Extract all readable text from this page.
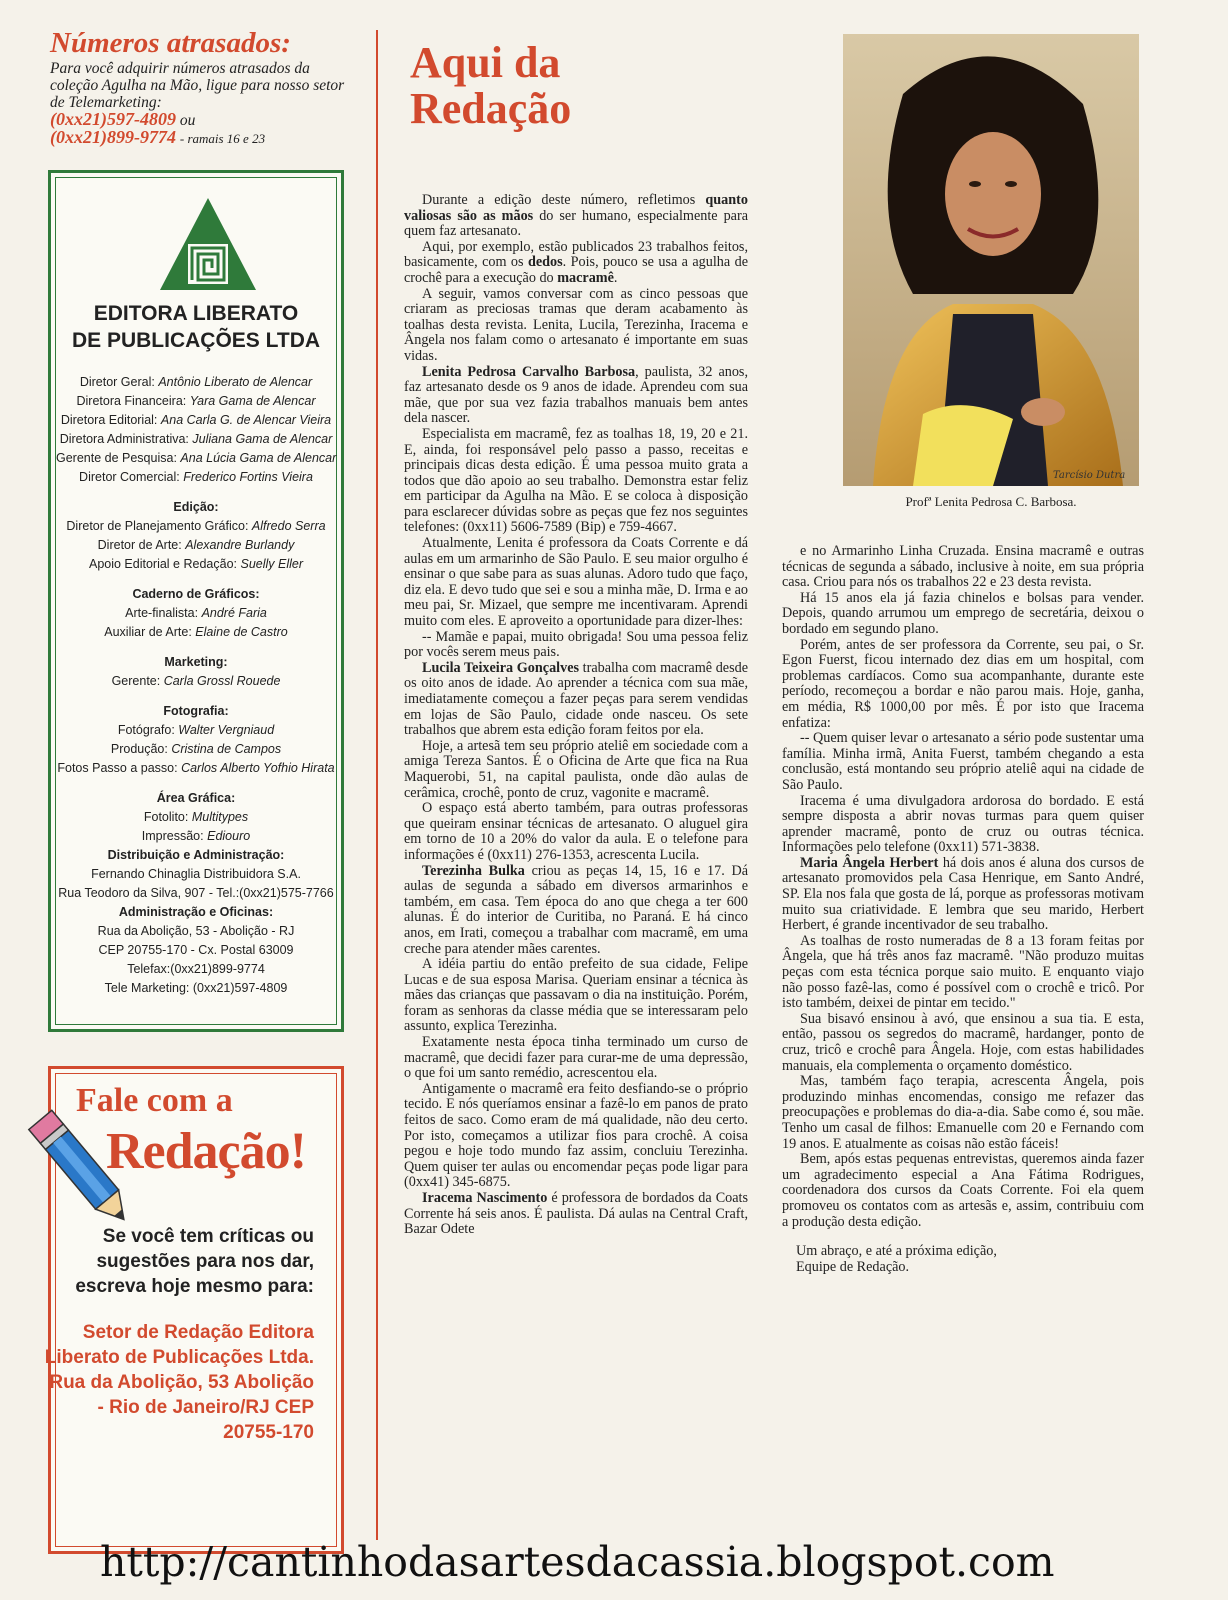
Números atrasados:

Para você adquirir números atrasados da coleção Agulha na Mão, ligue para nosso setor de Telemarketing:
(0xx21)597-4809 ou
(0xx21)899-9774 - ramais 16 e 23

EDITORA LIBERATO
DE PUBLICAÇÕES LTDA
Diretor Geral: Antônio Liberato de Alencar
Diretora Financeira: Yara Gama de Alencar
Diretora Editorial: Ana Carla G. de Alencar Vieira
Diretora Administrativa: Juliana Gama de Alencar
Gerente de Pesquisa: Ana Lúcia Gama de Alencar
Diretor Comercial: Frederico Fortins Vieira
Edição:
Diretor de Planejamento Gráfico: Alfredo Serra
Diretor de Arte: Alexandre Burlandy
Apoio Editorial e Redação: Suelly Eller
Caderno de Gráficos:
Arte-finalista: André Faria
Auxiliar de Arte: Elaine de Castro
Marketing:
Gerente: Carla Grossl Rouede
Fotografia:
Fotógrafo: Walter Vergniaud
Produção: Cristina de Campos
Fotos Passo a passo: Carlos Alberto Yofhio Hirata
Área Gráfica:
Fotolito: Multitypes
Impressão: Ediouro
Distribuição e Administração:
Fernando Chinaglia Distribuidora S.A.
Rua Teodoro da Silva, 907 - Tel.:(0xx21)575-7766
Administração e Oficinas:
Rua da Abolição, 53 - Abolição - RJ
CEP 20755-170 - Cx. Postal 63009
Telefax:(0xx21)899-9774
Tele Marketing: (0xx21)597-4809
Fale com a
Redação!
Se você tem críticas ou sugestões para nos dar, escreva hoje mesmo para:
Setor de Redação Editora Liberato de Publicações Ltda. Rua da Abolição, 53 Abolição - Rio de Janeiro/RJ CEP 20755-170
Aqui da
Redação
Tarcísio Dutra
Profª Lenita Pedrosa C. Barbosa.

Durante a edição deste número, refletimos quanto valiosas são as mãos do ser humano, especialmente para quem faz artesanato.

Aqui, por exemplo, estão publicados 23 trabalhos feitos, basicamente, com os dedos. Pois, pouco se usa a agulha de crochê para a execução do macramê.

A seguir, vamos conversar com as cinco pessoas que criaram as preciosas tramas que deram acabamento às toalhas desta revista. Lenita, Lucila, Terezinha, Iracema e Ângela nos falam como o artesanato é importante em suas vidas.

Lenita Pedrosa Carvalho Barbosa, paulista, 32 anos, faz artesanato desde os 9 anos de idade. Aprendeu com sua mãe, que por sua vez fazia trabalhos manuais bem antes dela nascer.

Especialista em macramê, fez as toalhas 18, 19, 20 e 21. E, ainda, foi responsável pelo passo a passo, receitas e principais dicas desta edição. É uma pessoa muito grata a todos que dão apoio ao seu trabalho. Demonstra estar feliz em participar da Agulha na Mão. E se coloca à disposição para esclarecer dúvidas sobre as peças que fez nos seguintes telefones: (0xx11) 5606-7589 (Bip) e 759-4667.

Atualmente, Lenita é professora da Coats Corrente e dá aulas em um armarinho de São Paulo. E seu maior orgulho é ensinar o que sabe para as suas alunas. Adoro tudo que faço, diz ela. E devo tudo que sei e sou a minha mãe, D. Irma e ao meu pai, Sr. Mizael, que sempre me incentivaram. Aprendi muito com eles. E aproveito a oportunidade para dizer-lhes:

-- Mamãe e papai, muito obrigada! Sou uma pessoa feliz por vocês serem meus pais.

Lucila Teixeira Gonçalves trabalha com macramê desde os oito anos de idade. Ao aprender a técnica com sua mãe, imediatamente começou a fazer peças para serem vendidas em lojas de São Paulo, cidade onde nasceu. Os sete trabalhos que abrem esta edição foram feitos por ela.

Hoje, a artesã tem seu próprio ateliê em sociedade com a amiga Tereza Santos. É o Oficina de Arte que fica na Rua Maquerobi, 51, na capital paulista, onde dão aulas de cerâmica, crochê, ponto de cruz, vagonite e macramê.

O espaço está aberto também, para outras professoras que queiram ensinar técnicas de artesanato. O aluguel gira em torno de 10 a 20% do valor da aula. E o telefone para informações é (0xx11) 276-1353, acrescenta Lucila.

Terezinha Bulka criou as peças 14, 15, 16 e 17. Dá aulas de segunda a sábado em diversos armarinhos e também, em casa. Tem época do ano que chega a ter 600 alunas. É do interior de Curitiba, no Paraná. E há cinco anos, em Irati, começou a trabalhar com macramê, em uma creche para atender mães carentes.

A idéia partiu do então prefeito de sua cidade, Felipe Lucas e de sua esposa Marisa. Queriam ensinar a técnica às mães das crianças que passavam o dia na instituição. Porém, foram as senhoras da classe média que se interessaram pelo assunto, explica Terezinha.

Exatamente nesta época tinha terminado um curso de macramê, que decidi fazer para curar-me de uma depressão, o que foi um santo remédio, acrescentou ela.

Antigamente o macramê era feito desfiando-se o próprio tecido. E nós queríamos ensinar a fazê-lo em panos de prato feitos de saco. Como eram de má qualidade, não deu certo. Por isto, começamos a utilizar fios para crochê. A coisa pegou e hoje todo mundo faz assim, concluiu Terezinha. Quem quiser ter aulas ou encomendar peças pode ligar para (0xx41) 345-6875.

Iracema Nascimento é professora de bordados da Coats Corrente há seis anos. É paulista. Dá aulas na Central Craft, Bazar Odete

e no Armarinho Linha Cruzada. Ensina macramê e outras técnicas de segunda a sábado, inclusive à noite, em sua própria casa. Criou para nós os trabalhos 22 e 23 desta revista.

Há 15 anos ela já fazia chinelos e bolsas para vender. Depois, quando arrumou um emprego de secretária, deixou o bordado em segundo plano.

Porém, antes de ser professora da Corrente, seu pai, o Sr. Egon Fuerst, ficou internado dez dias em um hospital, com problemas cardíacos. Como sua acompanhante, durante este período, recomeçou a bordar e não parou mais. Hoje, ganha, em média, R$ 1000,00 por mês. É por isto que Iracema enfatiza:

-- Quem quiser levar o artesanato a sério pode sustentar uma família. Minha irmã, Anita Fuerst, também chegando a esta conclusão, está montando seu próprio ateliê aqui na cidade de São Paulo.

Iracema é uma divulgadora ardorosa do bordado. E está sempre disposta a abrir novas turmas para quem quiser aprender macramê, ponto de cruz ou outras técnica. Informações pelo telefone (0xx11) 571-3838.

Maria Ângela Herbert há dois anos é aluna dos cursos de artesanato promovidos pela Casa Henrique, em Santo André, SP. Ela nos fala que gosta de lá, porque as professoras motivam muito sua criatividade. E lembra que seu marido, Herbert Herbert, é grande incentivador de seu trabalho.

As toalhas de rosto numeradas de 8 a 13 foram feitas por Ângela, que há três anos faz macramê. "Não produzo muitas peças com esta técnica porque saio muito. E enquanto viajo não posso fazê-las, como é possível com o crochê e tricô. Por isto também, deixei de pintar em tecido."

Sua bisavó ensinou à avó, que ensinou a sua tia. E esta, então, passou os segredos do macramê, hardanger, ponto de cruz, tricô e crochê para Ângela. Hoje, com estas habilidades manuais, ela complementa o orçamento doméstico.

Mas, também faço terapia, acrescenta Ângela, pois produzindo minhas encomendas, consigo me refazer das preocupações e problemas do dia-a-dia. Sabe como é, sou mãe. Tenho um casal de filhos: Emanuelle com 20 e Fernando com 19 anos. E atualmente as coisas não estão fáceis!

Bem, após estas pequenas entrevistas, queremos ainda fazer um agradecimento especial a Ana Fátima Rodrigues, coordenadora dos cursos da Coats Corrente. Foi ela quem promoveu os contatos com as artesãs e, assim, contribuiu com a produção desta edição.

Um abraço, e até a próxima edição,

Equipe de Redação.

http://cantinhodasartesdacassia.blogspot.com
